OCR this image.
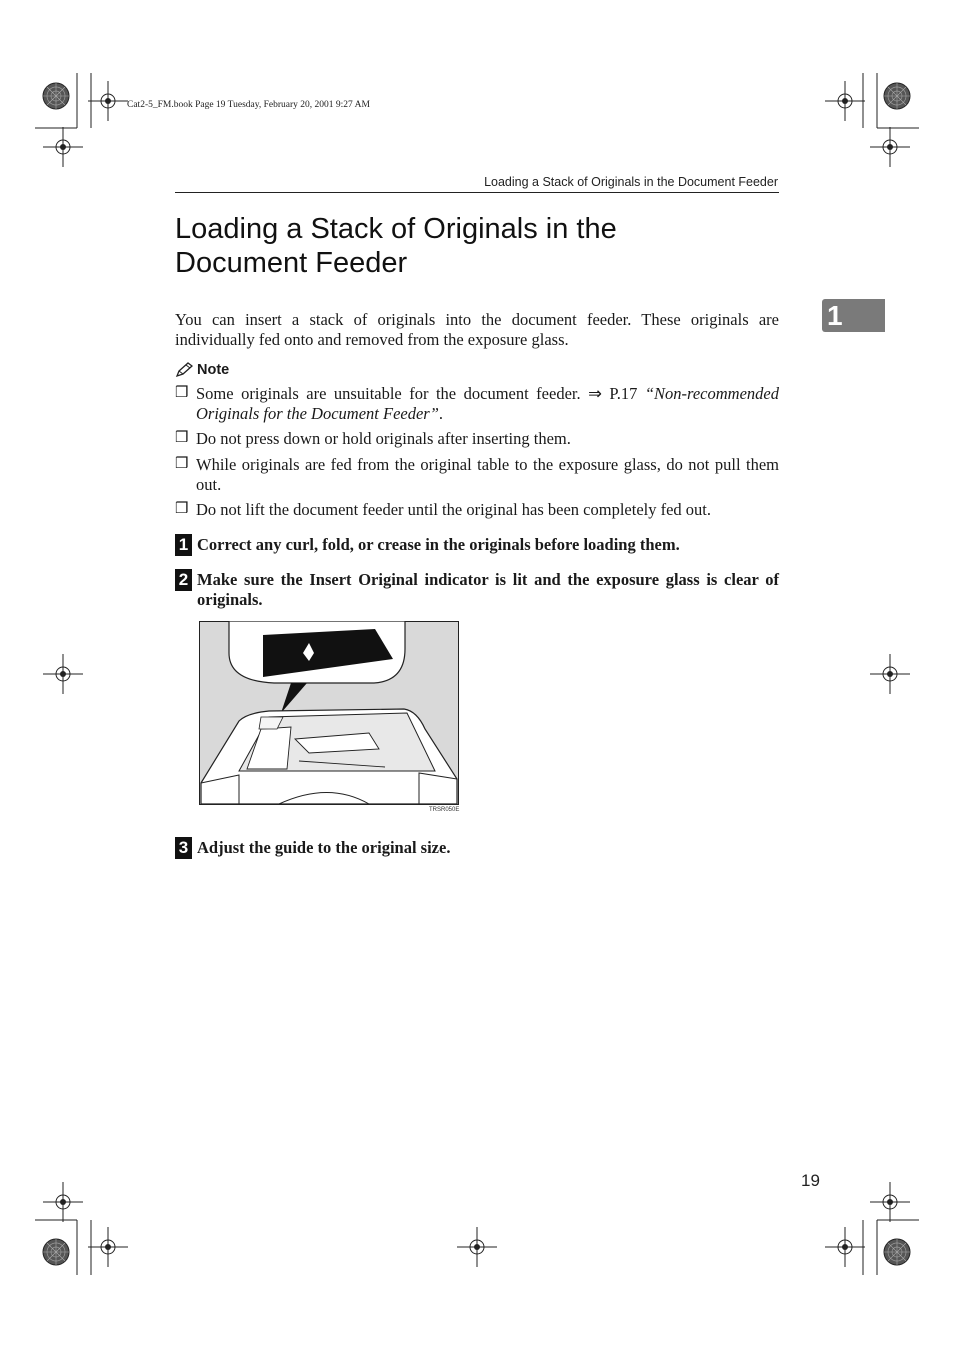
Cat2-5_FM.book Page 19 Tuesday, February 20, 2001 9:27 AM
Loading a Stack of Originals in the Document Feeder
Loading a Stack of Originals in the
Document Feeder
1

You can insert a stack of originals into the document feeder. These originals are individually fed onto and removed from the exposure glass.

Note
❒ Some originals are unsuitable for the document feeder. ⇒ P.17 “Non-recommended Originals for the Document Feeder”.
❒ Do not press down or hold originals after inserting them.
❒ While originals are fed from the original table to the exposure glass, do not pull them out.
❒ Do not lift the document feeder until the original has been completely fed out.
1 Correct any curl, fold, or crease in the originals before loading them.
2 Make sure the Insert Original indicator is lit and the exposure glass is clear of originals.
TRSR050E
3 Adjust the guide to the original size.
19
